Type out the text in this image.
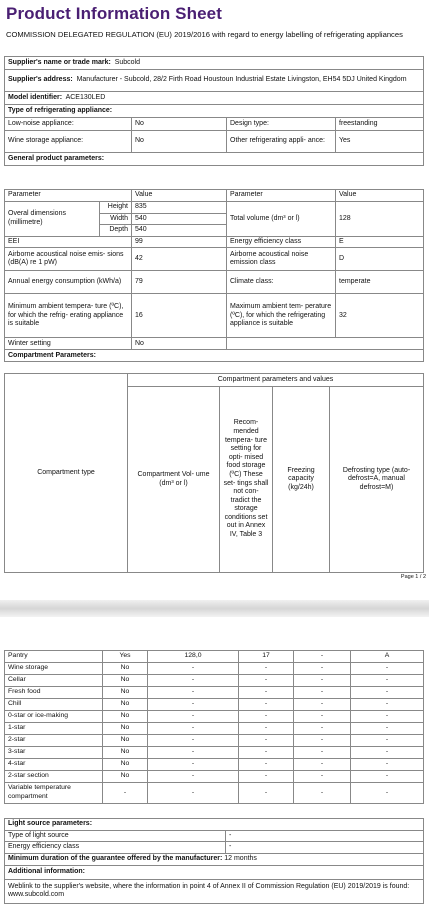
Product Information Sheet
COMMISSION DELEGATED REGULATION (EU) 2019/2016 with regard to energy labelling of refrigerating appliances
Supplier's name or trade mark: Subcold			
Supplier's address: Manufacturer - Subcold, 28/2 Firth Road Houstoun Industrial Estate Livingston, EH54 5DJ United Kingdom			
Model identifier: ACE130LED			
Type of refrigerating appliance:			
Low-noise appliance:	No	Design type:	freestanding
Wine storage appliance:	No	Other refrigerating appli- ance:	Yes
General product parameters:			
Parameter		Value	Parameter	Value
Overal dimensions (millimetre)	Height	835	Total volume (dm³ or l)	128
	Width	540		
	Depth	540		
EEI		99	Energy efficiency class	E
Airborne acoustical noise emis- sions (dB(A) re 1 pW)		42	Airborne acoustical noise emission class	D
Annual energy consumption (kWh/a)		79	Climate class:	temperate
Minimum ambient tempera- ture (ºC), for which the refrig- erating appliance is suitable		16	Maximum ambient tem- perature (ºC), for which the refrigerating appliance is suitable	32
Winter setting		No		
Compartment Parameters:				
Compartment type	Compartment parameters and values			
	Compartment Vol- ume (dm³ or l)	Recom- mended tempera- ture setting for opti- mised food storage (ºC) These set- tings shall not con- tradict the storage conditions set out in Annex IV, Table 3	Freezing capacity (kg/24h)	Defrosting type (auto-defrost=A, manual defrost=M)
Page 1 / 2
Pantry	Yes	128,0	17	-	A
Wine storage	No	-	-	-	-
Cellar	No	-	-	-	-
Fresh food	No	-	-	-	-
Chill	No	-	-	-	-
0-star or ice-making	No	-	-	-	-
1-star	No	-	-	-	-
2-star	No	-	-	-	-
3-star	No	-	-	-	-
4-star	No	-	-	-	-
2-star section	No	-	-	-	-
Variable temperature compartment	-	-	-	-	-
Light source parameters:	
Type of light source	-
Energy efficiency class	-
Minimum duration of the guarantee offered by the manufacturer: 12 months	
Additional information:	
Weblink to the supplier's website, where the information in point 4 of Annex II of Commission Regulation (EU) 2019/2019 is found:  www.subcold.com	
